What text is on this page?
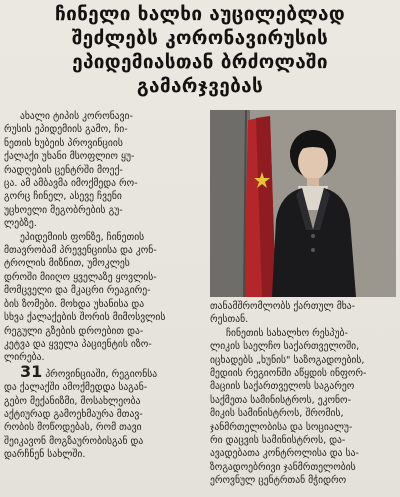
ჩინელი ხალხი აუცილებლად
შეძლებს კორონავირუსის
ეპიდემიასთან ბრძოლაში
გამარჯვებას

ახალი ტიპის კორონავი-

რუსის ეპიდემიის გამო, ჩი-

ნეთის ხუბეის პროვინციის

ქალაქი უხანი მსოფლიო ყუ-

რადღების ცენტრში მოექ-

ცა. ამ ამბავმა იმოქმედა რო-

გორც ჩინელ, ასევე ჩვენი

უცხოელი მეგობრების გუ-

ლებზე.

ეპიდემიის ფონზე, ჩინეთის

მთავრობამ პრევენციისა და კონ-

ტროლის მიზნით, უმოკლეს

დროში მიიღო ყველაზე ყოვლის-

მომცველი და მკაცრი რეაგირე-

ბის ზომები. მოხდა უხანისა და

სხვა ქალაქების შორის მიმოსვლის

რეგული გზების დროებით და-

კეტვა და ყველა პაციენტის იზო-

ლირება.

31 პროვინციაში, რეგიონსა

და ქალაქში ამოქმედდა საგან-

გებო მექანიზმი, მოსახლეობა

აქტიურად გამოეხმაურა მთავ-

რობის მოწოდებას, რომ თავი

შეიკავონ მოგზაურობისგან და

დარჩნენ სახლში.

თანამშრომლობს ქართულ მხა-

რესთან.

ჩინეთის სახალხო რესპუბ-

ლიკის საელჩო საქართველოში,

იცხადებს „ხუნის" საზოგადოების,

მედიის რეგიონში აწყდის ინფორ-

მაციის საქართველოს საგარეო

საქმეთა სამინისტროს, ეკონო-

მიკის სამინისტროს, შრომის,

ჯანმრთელობისა და სოციალუ-

რი დაცვის სამინისტროს, და-

ავადებათა კონტროლისა და სა-

ზოგადოებრივი ჯანმრთელობის

ეროვნულ ცენტრთან მჭიდრო
